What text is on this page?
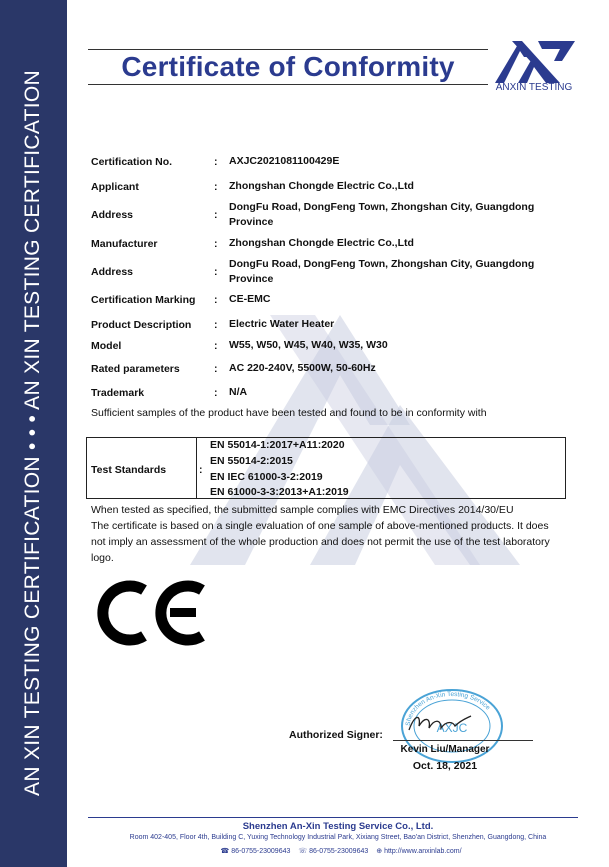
AN XIN TESTING CERTIFICATION • • • AN XIN TESTING CERTIFICATION
Certificate of Conformity
ANXIN TESTING
Certification No.	: AXJC2021081100429E
Applicant	: Zhongshan Chongde Electric Co.,Ltd
Address	:
DongFu Road, DongFeng Town, Zhongshan City, Guangdong
Province
Manufacturer	: Zhongshan Chongde Electric Co.,Ltd
Address	:
DongFu Road, DongFeng Town, Zhongshan City, Guangdong
Province
Certification Marking : CE-EMC
Product Description : Electric Water Heater
Model	: W55, W50, W45, W40, W35, W30
Rated parameters	: AC 220-240V, 5500W, 50-60Hz
Trademark	: N/A
Sufficient samples of the product have been tested and found to be in conformity with
Test Standards	:
EN 55014-1:2017+A11:2020
EN 55014-2:2015
EN IEC 61000-3-2:2019
EN 61000-3-3:2013+A1:2019
When tested as specified, the submitted sample complies with EMC Directives 2014/30/EU
The certificate is based on a single evaluation of one sample of above-mentioned products. It does
not imply an assessment of the whole production and does not permit the use of the test laboratory
logo.
Authorized Signer:	AXJC
Shenzhen An-Xin Testing Service
Kevin Liu/Manager
Oct. 18, 2021
Shenzhen An-Xin Testing Service Co., Ltd.
Room 402-405, Floor 4th, Building C, Yuxing Technology Industrial Park, Xixiang Street, Bao'an District, Shenzhen, Guangdong, China
☎ 86-0755-23009643 ☏ 86-0755-23009643 ⊕ http://www.anxinlab.com/
